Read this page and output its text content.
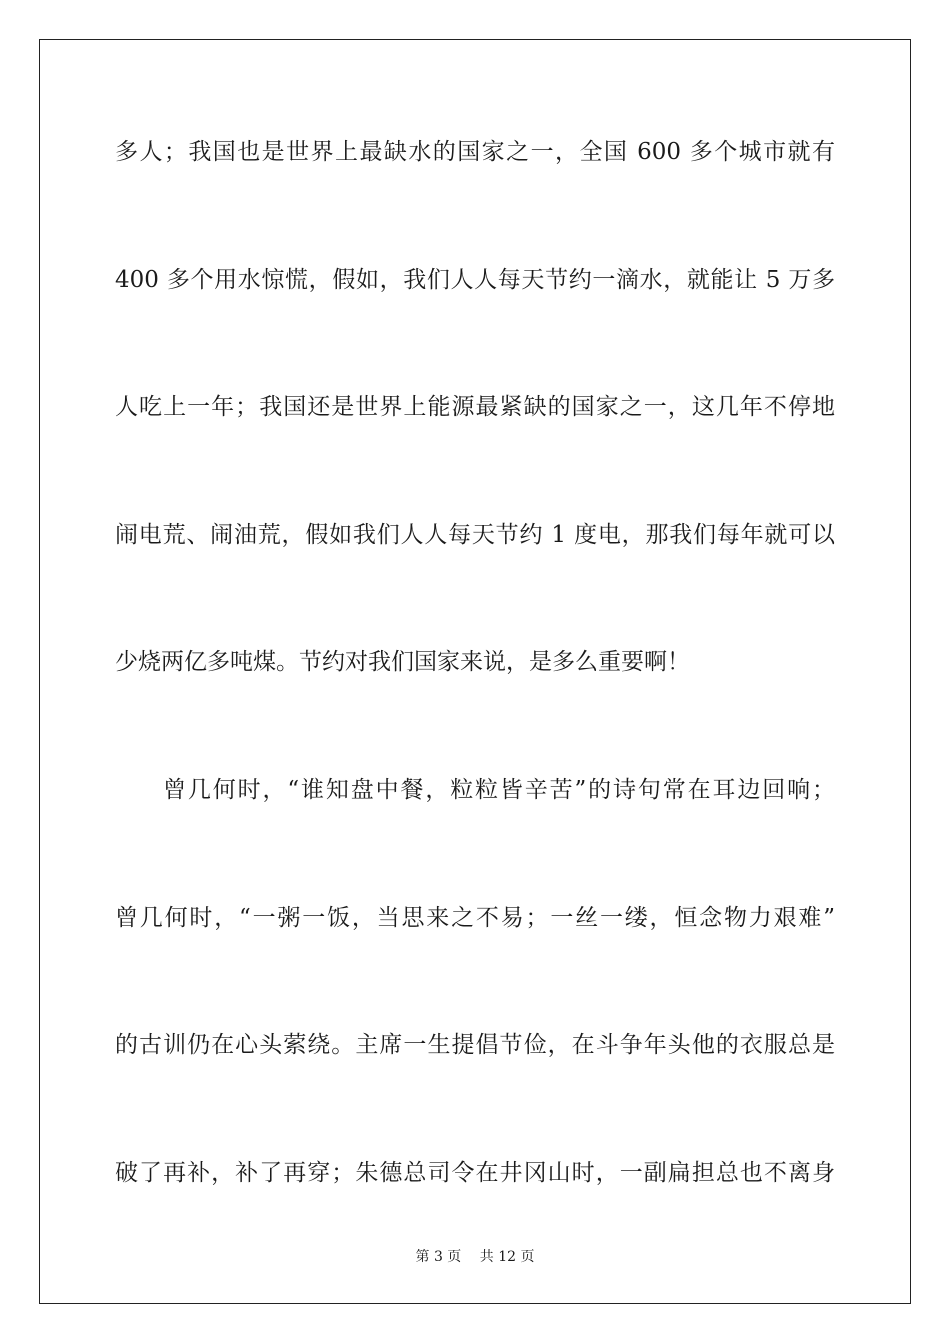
多人；我国也是世界上最缺水的国家之一，全国 600 多个城市就有
400 多个用水惊慌，假如，我们人人每天节约一滴水，就能让 5 万多
人吃上一年；我国还是世界上能源最紧缺的国家之一，这几年不停地
闹电荒、闹油荒，假如我们人人每天节约 1 度电，那我们每年就可以
少烧两亿多吨煤。节约对我们国家来说，是多么重要啊！
曾几何时，“谁知盘中餐，粒粒皆辛苦”的诗句常在耳边回响；
曾几何时，“一粥一饭，当思来之不易；一丝一缕，恒念物力艰难”
的古训仍在心头萦绕。主席一生提倡节俭，在斗争年头他的衣服总是
破了再补，补了再穿；朱德总司令在井冈山时，一副扁担总也不离身
第 3 页 共 12 页
